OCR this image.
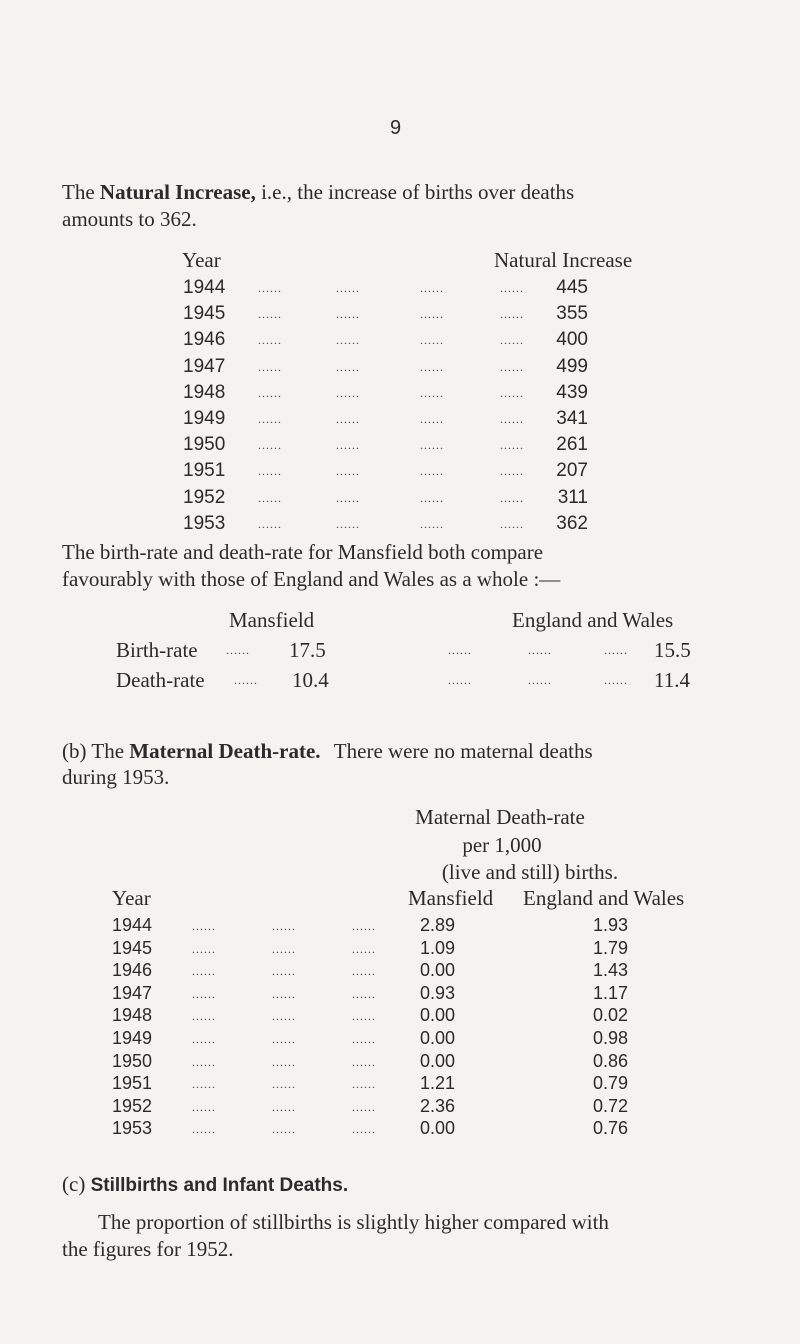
9
The Natural Increase, i.e., the increase of births over deaths
amounts to 362.
Year	Natural Increase
1944	......	......	......	......	445
1945	......	......	......	......	355
1946	......	......	......	......	400
1947	......	......	......	......	499
1948	......	......	......	......	439
1949	......	......	......	......	341
1950	......	......	......	......	261
1951	......	......	......	......	207
1952	......	......	......	......	311
1953	......	......	......	......	362
The birth-rate and death-rate for Mansfield both compare
favourably with those of England and Wales as a whole :—
Mansfield	England and Wales
Birth-rate ...... 17.5	......	......	...... 15.5
Death-rate ...... 10.4	......	......	...... 11.4
(b) The Maternal Death-rate. There were no maternal deaths
during 1953.
Maternal Death-rate
per 1,000
(live and still) births.
Year	Mansfield England and Wales
1944	......	......	...... 2.89	1.93
1945	......	......	...... 1.09	1.79
1946	......	......	...... 0.00	1.43
1947	......	......	...... 0.93	1.17
1948	......	......	...... 0.00	0.02
1949	......	......	...... 0.00	0.98
1950	......	......	...... 0.00	0.86
1951	......	......	...... 1.21	0.79
1952	......	......	...... 2.36	0.72
1953	......	......	...... 0.00	0.76
(c) Stillbirths and Infant Deaths.
The proportion of stillbirths is slightly higher compared with
the figures for 1952.
